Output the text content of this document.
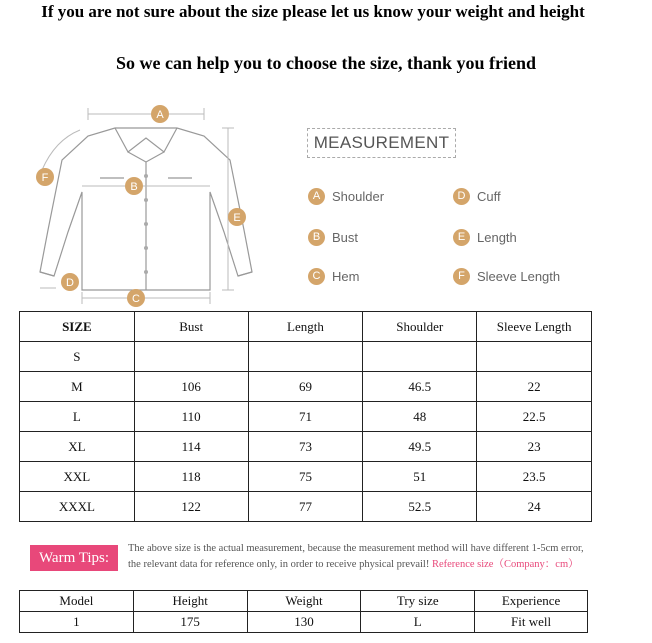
If you are not sure about the size please let us know your weight and height
So we can help you to choose the size, thank you friend
A
B
C
D
E
F
MEASUREMENT
A Shoulder
B Bust
C Hem
D Cuff
E Length
F Sleeve Length
SIZE	Bust	Length	Shoulder	Sleeve Length
S				
M	106	69	46.5	22
L	110	71	48	22.5
XL	114	73	49.5	23
XXL	118	75	51	23.5
XXXL	122	77	52.5	24
Warm Tips:
The above size is the actual measurement, because the measurement method will have different 1-5cm error,
the relevant data for reference only, in order to receive physical prevail! Reference size（Company：cm）
Model	Height	Weight	Try size	Experience
1	175	130	L	Fit well
